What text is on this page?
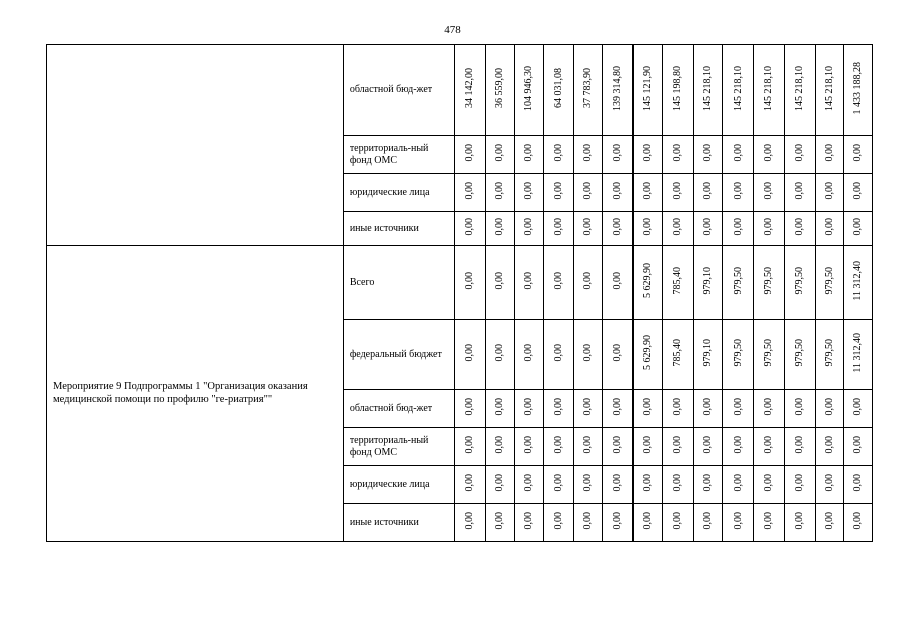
478
	областной бюд-жет	34 142,00	36 559,00	104 946,30	64 031,08	37 783,90	139 314,80	145 121,90	145 198,80	145 218,10	145 218,10	145 218,10	145 218,10	145 218,10	1 433 188,28
	территориаль-ный фонд ОМС	0,00	0,00	0,00	0,00	0,00	0,00	0,00	0,00	0,00	0,00	0,00	0,00	0,00	0,00
	юридические лица	0,00	0,00	0,00	0,00	0,00	0,00	0,00	0,00	0,00	0,00	0,00	0,00	0,00	0,00
	иные источники	0,00	0,00	0,00	0,00	0,00	0,00	0,00	0,00	0,00	0,00	0,00	0,00	0,00	0,00
Мероприятие 9 Подпрограммы 1 "Организация оказания медицинской помощи по профилю "ге-риатрия""	Всего	0,00	0,00	0,00	0,00	0,00	0,00	5 629,90	785,40	979,10	979,50	979,50	979,50	979,50	11 312,40
	федеральный бюджет	0,00	0,00	0,00	0,00	0,00	0,00	5 629,90	785,40	979,10	979,50	979,50	979,50	979,50	11 312,40
	областной бюд-жет	0,00	0,00	0,00	0,00	0,00	0,00	0,00	0,00	0,00	0,00	0,00	0,00	0,00	0,00
	территориаль-ный фонд ОМС	0,00	0,00	0,00	0,00	0,00	0,00	0,00	0,00	0,00	0,00	0,00	0,00	0,00	0,00
	юридические лица	0,00	0,00	0,00	0,00	0,00	0,00	0,00	0,00	0,00	0,00	0,00	0,00	0,00	0,00
	иные источники	0,00	0,00	0,00	0,00	0,00	0,00	0,00	0,00	0,00	0,00	0,00	0,00	0,00	0,00
